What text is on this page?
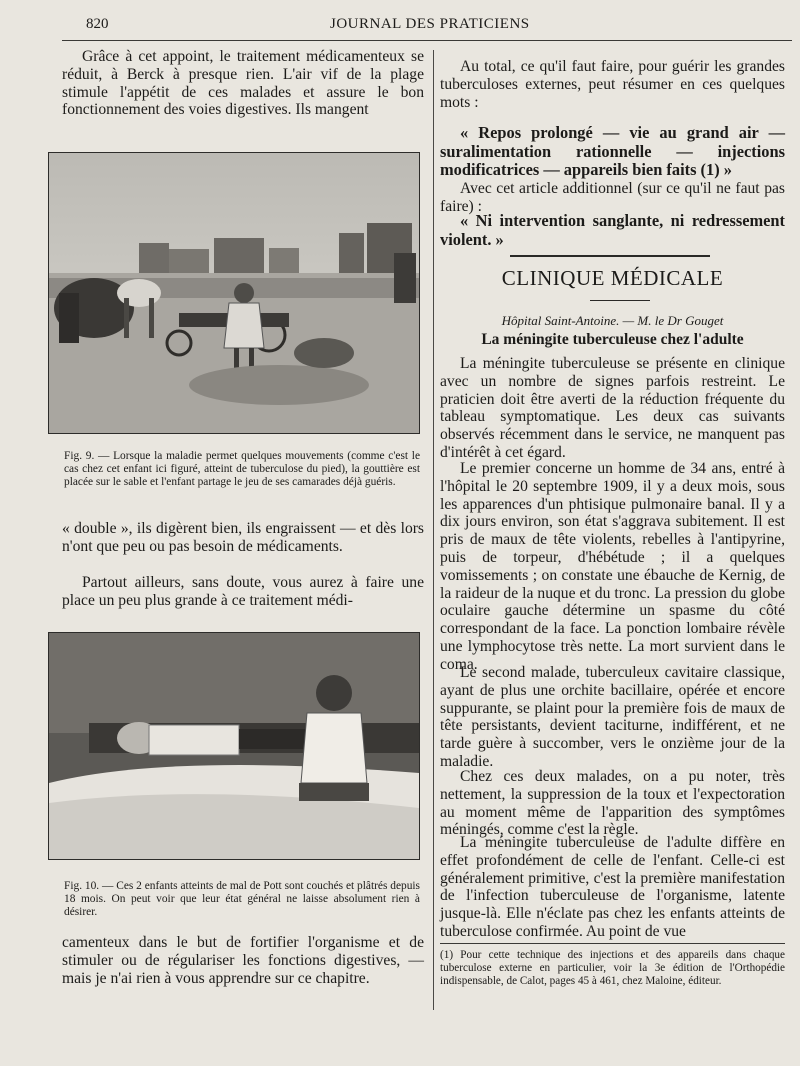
820	JOURNAL DES PRATICIENS

Grâce à cet appoint, le traitement médicamenteux se réduit, à Berck à presque rien. L'air vif de la plage stimule l'appétit de ces malades et assure le bon fonctionnement des voies digestives. Ils mangent

Fig. 9. — Lorsque la maladie permet quelques mouvements (comme c'est le cas chez cet enfant ici figuré, atteint de tuberculose du pied), la gouttière est placée sur le sable et l'enfant partage le jeu de ses camarades déjà guéris.

« double », ils digèrent bien, ils engraissent — et dès lors n'ont que peu ou pas besoin de médicaments.

Partout ailleurs, sans doute, vous aurez à faire une place un peu plus grande à ce traitement médi-

Fig. 10. — Ces 2 enfants atteints de mal de Pott sont couchés et plâtrés depuis 18 mois. On peut voir que leur état général ne laisse absolument rien à désirer.

camenteux dans le but de fortifier l'organisme et de stimuler ou de régulariser les fonctions digestives, — mais je n'ai rien à vous apprendre sur ce chapitre.

Au total, ce qu'il faut faire, pour guérir les grandes tuberculoses externes, peut résumer en ces quelques mots :

« Repos prolongé — vie au grand air — suralimentation rationnelle — injections modificatrices — appareils bien faits (1) »

Avec cet article additionnel (sur ce qu'il ne faut pas faire) :

« Ni intervention sanglante, ni redressement violent. »

CLINIQUE MÉDICALE
Hôpital Saint-Antoine. — M. le Dr Gouget
La méningite tuberculeuse chez l'adulte

La méningite tuberculeuse se présente en clinique avec un nombre de signes parfois restreint. Le praticien doit être averti de la réduction fréquente du tableau symptomatique. Les deux cas suivants observés récemment dans le service, ne manquent pas d'intérêt à cet égard.

Le premier concerne un homme de 34 ans, entré à l'hôpital le 20 septembre 1909, il y a deux mois, sous les apparences d'un phtisique pulmonaire banal. Il y a dix jours environ, son état s'aggrava subitement. Il est pris de maux de tête violents, rebelles à l'antipyrine, puis de torpeur, d'hébétude ; il a quelques vomissements ; on constate une ébauche de Kernig, de la raideur de la nuque et du tronc. La pression du globe oculaire gauche détermine un spasme du côté correspondant de la face. La ponction lombaire révèle une lymphocytose très nette. La mort survient dans le coma.

Le second malade, tuberculeux cavitaire classique, ayant de plus une orchite bacillaire, opérée et encore suppurante, se plaint pour la première fois de maux de tête persistants, devient taciturne, indifférent, et ne tarde guère à succomber, vers le onzième jour de la maladie.

Chez ces deux malades, on a pu noter, très nettement, la suppression de la toux et l'expectoration au moment même de l'apparition des symptômes méningés, comme c'est la règle.

La méningite tuberculeuse de l'adulte diffère en effet profondément de celle de l'enfant. Celle-ci est généralement primitive, c'est la première manifestation de l'infection tuberculeuse de l'organisme, latente jusque-là. Elle n'éclate pas chez les enfants atteints de tuberculose confirmée. Au point de vue

(1) Pour cette technique des injections et des appareils dans chaque tuberculose externe en particulier, voir la 3e édition de l'Orthopédie indispensable, de Calot, pages 45 à 461, chez Maloine, éditeur.
